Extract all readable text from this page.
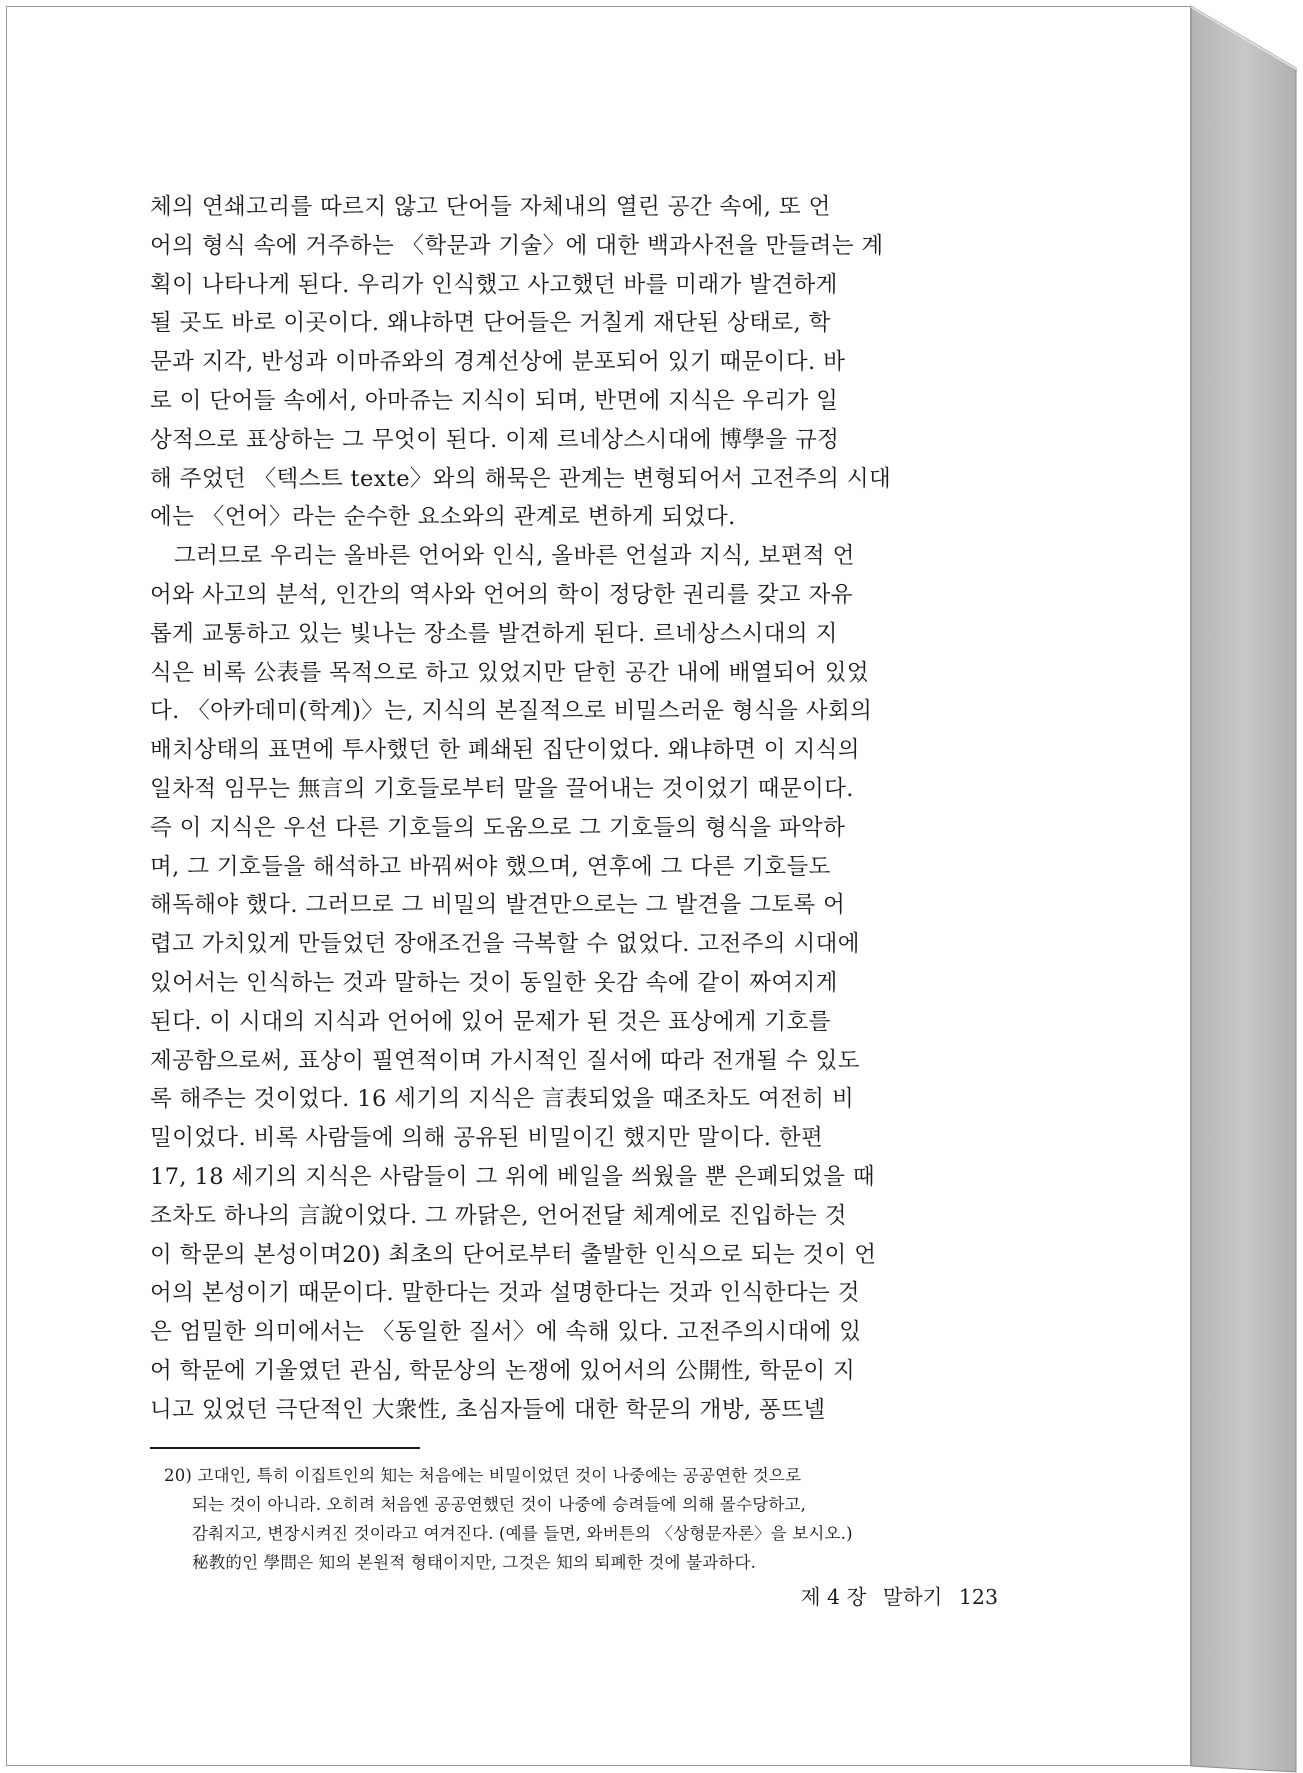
체의 연쇄고리를 따르지 않고 단어들 자체내의 열린 공간 속에, 또 언
어의 형식 속에 거주하는 〈학문과 기술〉에 대한 백과사전을 만들려는 계
획이 나타나게 된다. 우리가 인식했고 사고했던 바를 미래가 발견하게
될 곳도 바로 이곳이다. 왜냐하면 단어들은 거칠게 재단된 상태로, 학
문과 지각, 반성과 이마쥬와의 경계선상에 분포되어 있기 때문이다. 바
로 이 단어들 속에서, 아마쥬는 지식이 되며, 반면에 지식은 우리가 일
상적으로 표상하는 그 무엇이 된다. 이제 르네상스시대에 博學을 규정
해 주었던 〈텍스트 texte〉와의 해묵은 관계는 변형되어서 고전주의 시대
에는 〈언어〉라는 순수한 요소와의 관계로 변하게 되었다.
그러므로 우리는 올바른 언어와 인식, 올바른 언설과 지식, 보편적 언
어와 사고의 분석, 인간의 역사와 언어의 학이 정당한 권리를 갖고 자유
롭게 교통하고 있는 빛나는 장소를 발견하게 된다. 르네상스시대의 지
식은 비록 公表를 목적으로 하고 있었지만 닫힌 공간 내에 배열되어 있었
다. 〈아카데미(학계)〉는, 지식의 본질적으로 비밀스러운 형식을 사회의
배치상태의 표면에 투사했던 한 폐쇄된 집단이었다. 왜냐하면 이 지식의
일차적 임무는 無言의 기호들로부터 말을 끌어내는 것이었기 때문이다.
즉 이 지식은 우선 다른 기호들의 도움으로 그 기호들의 형식을 파악하
며, 그 기호들을 해석하고 바꿔써야 했으며, 연후에 그 다른 기호들도
해독해야 했다. 그러므로 그 비밀의 발견만으로는 그 발견을 그토록 어
렵고 가치있게 만들었던 장애조건을 극복할 수 없었다. 고전주의 시대에
있어서는 인식하는 것과 말하는 것이 동일한 옷감 속에 같이 짜여지게
된다. 이 시대의 지식과 언어에 있어 문제가 된 것은 표상에게 기호를
제공함으로써, 표상이 필연적이며 가시적인 질서에 따라 전개될 수 있도
록 해주는 것이었다. 16 세기의 지식은 言表되었을 때조차도 여전히 비
밀이었다. 비록 사람들에 의해 공유된 비밀이긴 했지만 말이다. 한편
17, 18 세기의 지식은 사람들이 그 위에 베일을 씌웠을 뿐 은폐되었을 때
조차도 하나의 言說이었다. 그 까닭은, 언어전달 체계에로 진입하는 것
이 학문의 본성이며20) 최초의 단어로부터 출발한 인식으로 되는 것이 언
어의 본성이기 때문이다. 말한다는 것과 설명한다는 것과 인식한다는 것
은 엄밀한 의미에서는 〈동일한 질서〉에 속해 있다. 고전주의시대에 있
어 학문에 기울였던 관심, 학문상의 논쟁에 있어서의 公開性, 학문이 지
니고 있었던 극단적인 大衆性, 초심자들에 대한 학문의 개방, 퐁뜨넬
20) 고대인, 특히 이집트인의 知는 처음에는 비밀이었던 것이 나중에는 공공연한 것으로
되는 것이 아니라. 오히려 처음엔 공공연했던 것이 나중에 승려들에 의해 몰수당하고,
감춰지고, 변장시켜진 것이라고 여겨진다. (예를 들면, 와버튼의 〈상형문자론〉을 보시오.)
秘教的인 學問은 知의 본원적 형태이지만, 그것은 知의 퇴폐한 것에 불과하다.
제 4 장 말하기 123
